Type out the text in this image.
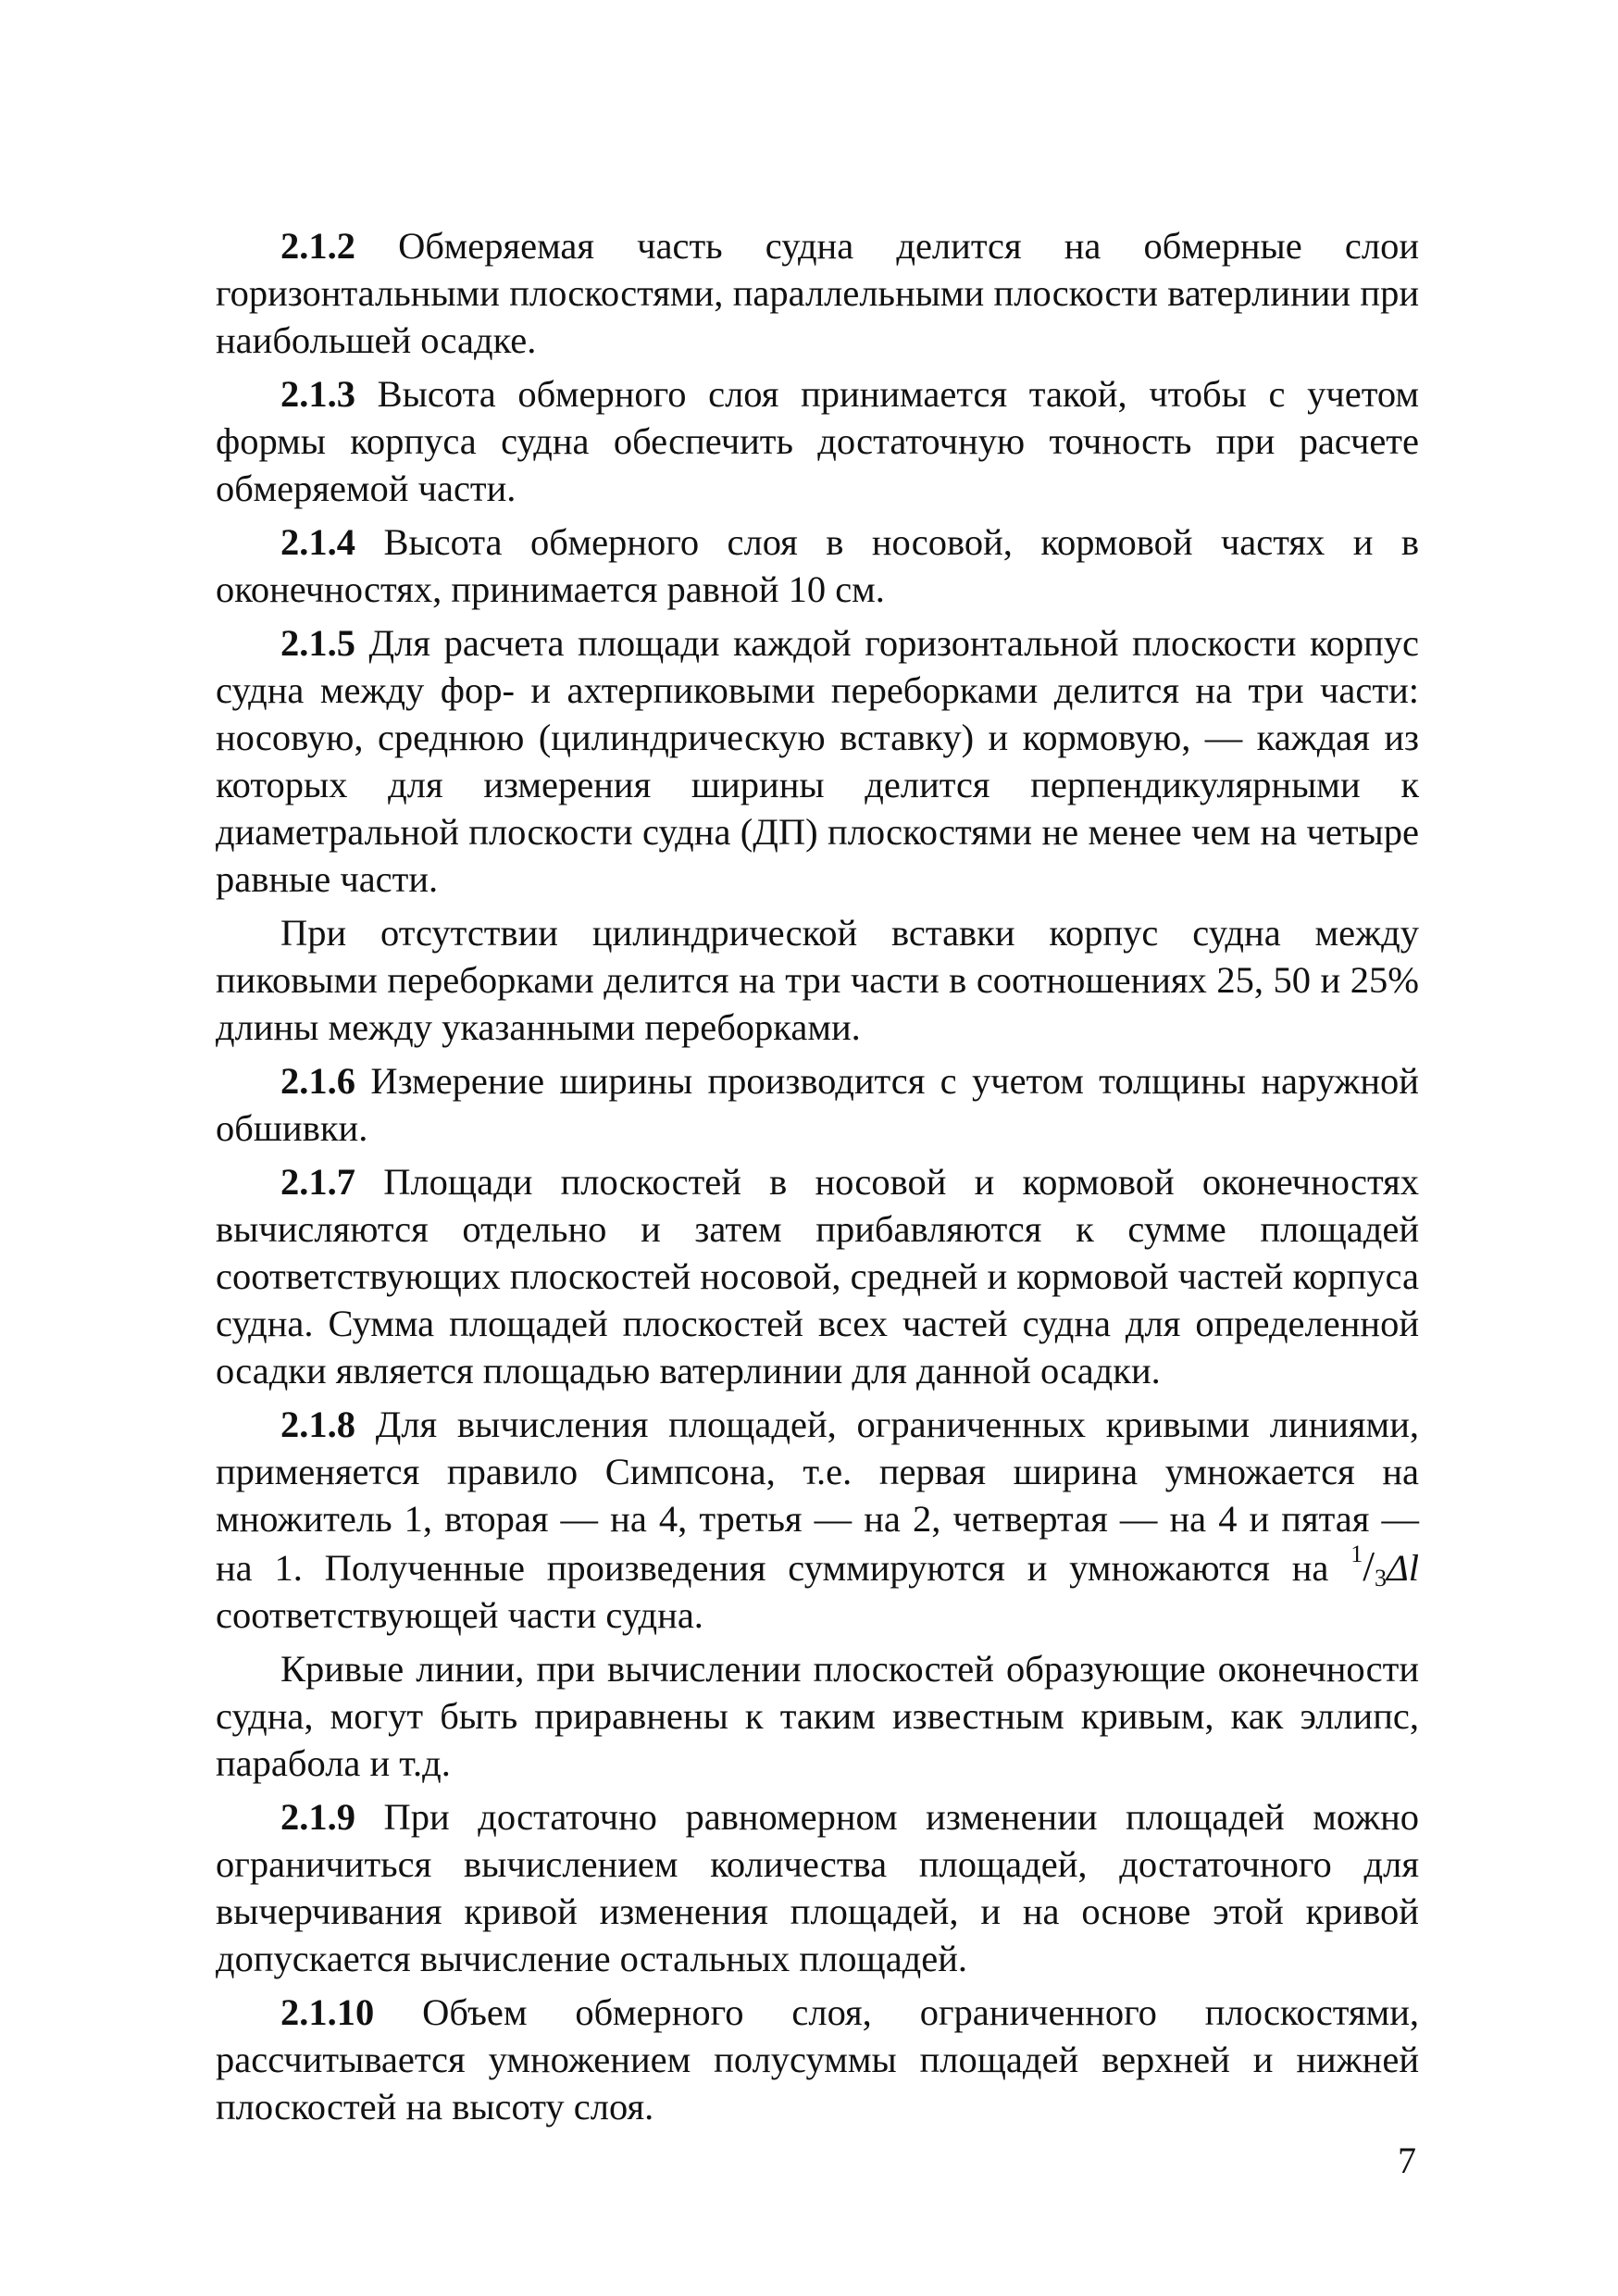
2.1.2 Обмеряемая часть судна делится на обмерные слои горизонтальными плоскостями, параллельными плоскости ватерлинии при наибольшей осадке.

2.1.3 Высота обмерного слоя принимается такой, чтобы с учетом формы корпуса судна обеспечить достаточную точность при расчете обмеряемой части.

2.1.4 Высота обмерного слоя в носовой, кормовой частях и в оконечностях, принимается равной 10 см.

2.1.5 Для расчета площади каждой горизонтальной плоскости корпус судна между фор- и ахтерпиковыми переборками делится на три части: носовую, среднюю (цилиндрическую вставку) и кормовую, — каждая из которых для измерения ширины делится перпендикулярными к диаметральной плоскости судна (ДП) плоскостями не менее чем на четыре равные части.

При отсутствии цилиндрической вставки корпус судна между пиковыми переборками делится на три части в соотношениях 25, 50 и 25% длины между указанными переборками.

2.1.6 Измерение ширины производится с учетом толщины наружной обшивки.

2.1.7 Площади плоскостей в носовой и кормовой оконечностях вычисляются отдельно и затем прибавляются к сумме площадей соответствующих плоскостей носовой, средней и кормовой частей корпуса судна. Сумма площадей плоскостей всех частей судна для определенной осадки является площадью ватерлинии для данной осадки.

2.1.8 Для вычисления площадей, ограниченных кривыми линиями, применяется правило Симпсона, т.е. первая ширина умножается на множитель 1, вторая — на 4, третья — на 2, четвертая — на 4 и пятая — на 1. Полученные произведения суммируются и умножаются на $^1$/3Δl соответствующей части судна.

Кривые линии, при вычислении плоскостей образующие оконечности судна, могут быть приравнены к таким известным кривым, как эллипс, парабола и т.д.

2.1.9 При достаточно равномерном изменении площадей можно ограничиться вычислением количества площадей, достаточного для вычерчивания кривой изменения площадей, и на основе этой кривой допускается вычисление остальных площадей.

2.1.10 Объем обмерного слоя, ограниченного плоскостями, рассчитывается умножением полусуммы площадей верхней и нижней плоскостей на высоту слоя.

7
